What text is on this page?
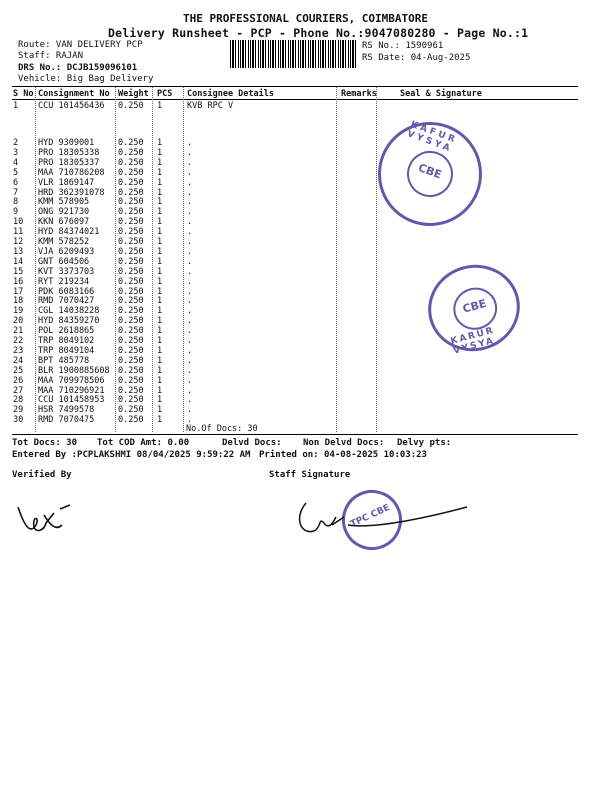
THE PROFESSIONAL COURIERS, COIMBATORE
Delivery Runsheet - PCP - Phone No.:9047080280 - Page No.:1
Route: VAN DELIVERY PCP
Staff: RAJAN
DRS No.: DCJB159096101
Vehicle: Big Bag Delivery
RS No.: 1590961
RS Date: 04-Aug-2025
S No Consignment No Weight PCS Consignee Details	Remarks	Seal & Signature
1 CCU 101456436 0.250 1	KVB RPC V
2 HYD 9309001	0.250 1	.
3 PRO 18305338 0.250 1	.
4 PRO 18305337 0.250 1	.
5 MAA 710786208 0.250 1	.
6 VLR 1869147	0.250 1	.
7 HRD 362391078 0.250 1	.
8 KMM 578905	0.250 1	.
9 ONG 921730	0.250 1	.
10 KKN 676097	0.250 1	.
11 HYD 84374021 0.250 1	.
12 KMM 578252	0.250 1	.
13 VJA 6209493	0.250 1	.
14 GNT 604506	0.250 1	.
15 KVT 3373703	0.250 1	.
16 RYT 219234	0.250 1	.
17 PDK 6083166	0.250 1	.
18 RMD 7070427	0.250 1	.
19 CGL 14038228 0.250 1	.
20 HYD 84359270 0.250 1	.
21 POL 2618865	0.250 1	.
22 TRP 8049102	0.250 1	.
23 TRP 8049104	0.250 1	.
24 BPT 485778	0.250 1	.
25 BLR 1900885608 0.250 1	.
26 MAA 709978506 0.250 1	.
27 MAA 710296921 0.250 1	.
28 CCU 101458953 0.250 1	.
29 HSR 7499578	0.250 1	.
30 RMD 7070475	0.250 1	.
No.Of Docs: 30
Tot Docs: 30 Tot COD Amt: 0.00	Delvd Docs: Non Delvd Docs: Delvy pts:
Entered By :PCPLAKSHMI 08/04/2025 9:59:22 AM Printed on: 04-08-2025 10:03:23
Verified By	Staff Signature
KAFUR VYSYA
CBE
KARUR VYSYA
CBE
TPC CBE
